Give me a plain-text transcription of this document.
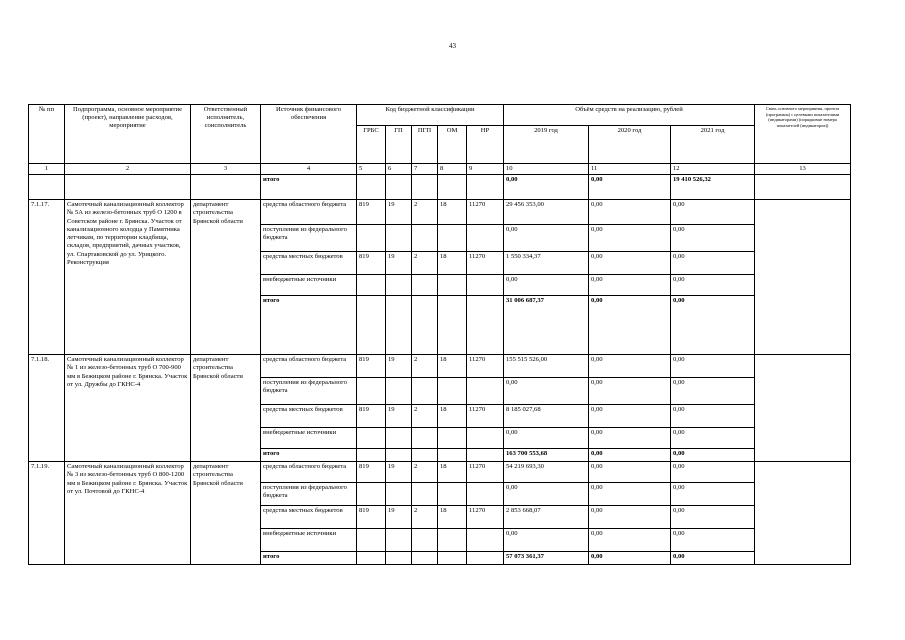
43
№ пп	Подпрограмма, основное мероприятие (проект), направление расходов, мероприятие	Ответственный исполнитель, соисполнитель	Источник финансового обеспечения	Код бюджетной классификации					Объём средств на реализацию, рублей			Связь основного мероприятия, проекта (программы) с целевыми показателями (индикаторами) (порядковые номера показателей (индикаторов))
				ГРБС	ГП	ПГП	ОМ	НР	2019 год	2020 год	2021 год	
1	2	3	4	5	6	7	8	9	10	11	12	13
			итого						0,00	0,00	19 410 526,32	
7.1.17.	Самотечный канализационный коллектор № 5А из железо-бетонных труб О 1200 в Советском районе г. Брянска. Участок от канализационного колодца у Памятника летчикам, по территории кладбища, складов, предприятий, дачных участков, ул. Спартаковской до ул. Урицкого. Реконструкция	департамент строительства Брянской области	средства областного бюджета	819	19	2	18	11270	29 456 353,00	0,00	0,00	
			поступления из федерального бюджета						0,00	0,00	0,00	
			средства местных бюджетов	819	19	2	18	11270	1 550 334,37	0,00	0,00	
			внебюджетные источники						0,00	0,00	0,00	
			итого						31 006 687,37	0,00	0,00	
7.1.18.	Самотечный канализационный коллектор № 1 из железо-бетонных труб О 700-900 мм в Бежицком районе г. Брянска. Участок от ул. Дружбы до ГКНС-4	департамент строительства Брянской области	средства областного бюджета	819	19	2	18	11270	155 515 526,00	0,00	0,00	
			поступления из федерального бюджета						0,00	0,00	0,00	
			средства местных бюджетов	819	19	2	18	11270	8 185 027,68	0,00	0,00	
			внебюджетные источники						0,00	0,00	0,00	
			итого						163 700 553,68	0,00	0,00	
7.1.19.	Самотечный канализационный коллектор № 3 из железо-бетонных труб О 800-1200 мм в Бежицком районе г. Брянска. Участок от ул. Почтовой до ГКНС-4	департамент строительства Брянской области	средства областного бюджета	819	19	2	18	11270	54 219 693,30	0,00	0,00	
			поступления из федерального бюджета						0,00	0,00	0,00	
			средства местных бюджетов	819	19	2	18	11270	2 853 668,07	0,00	0,00	
			внебюджетные источники						0,00	0,00	0,00	
			итого						57 073 361,37	0,00	0,00	
